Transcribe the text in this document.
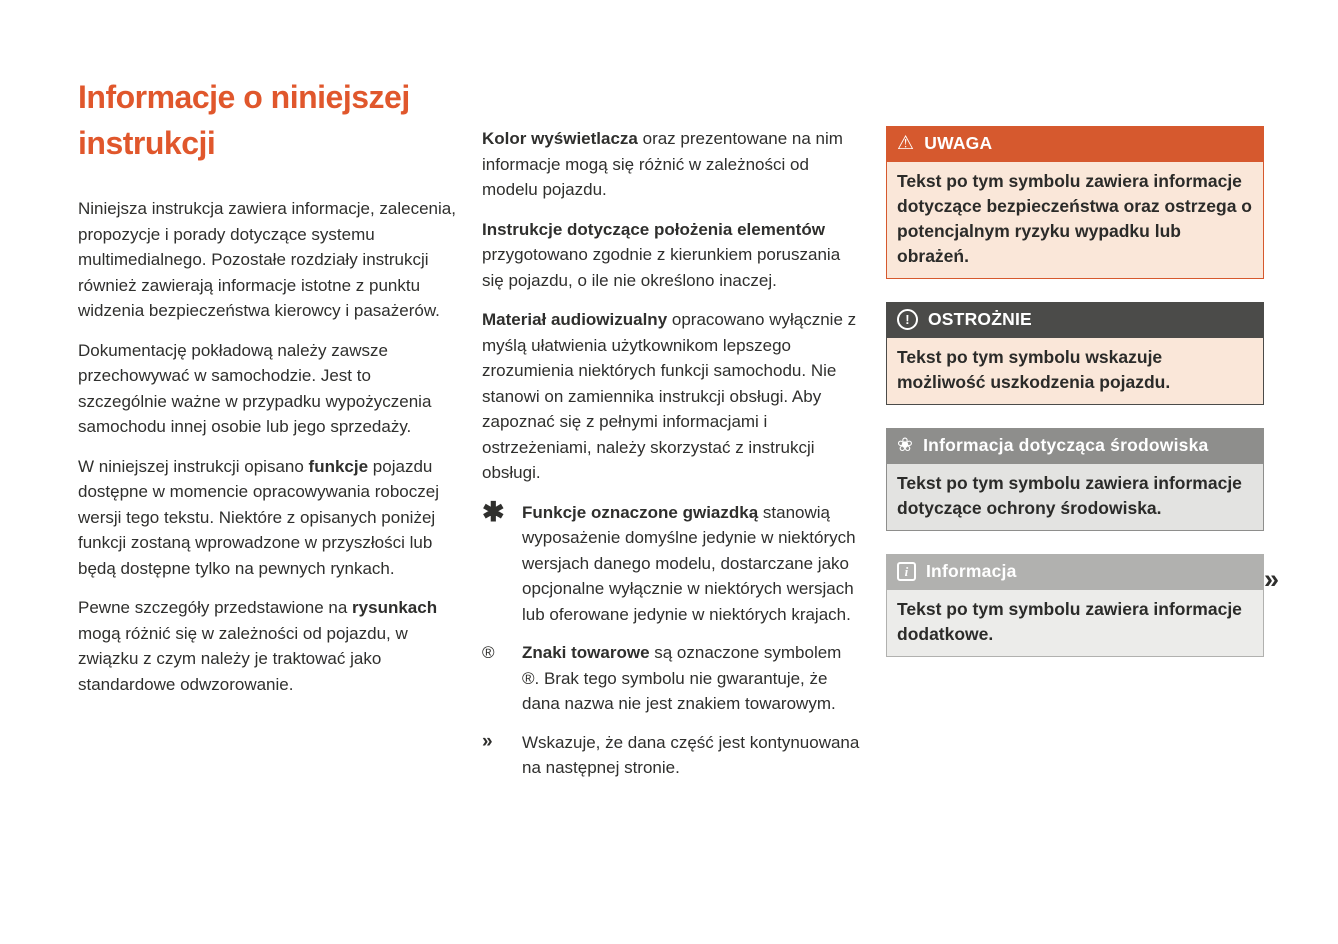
Informacje o niniejszej instrukcji

Niniejsza instrukcja zawiera informacje, zalecenia, propozycje i porady dotyczące systemu multimedialnego. Pozostałe rozdziały instrukcji również zawierają informacje istotne z punktu widzenia bezpieczeństwa kierowcy i pasażerów.

Dokumentację pokładową należy zawsze przechowywać w samochodzie. Jest to szczególnie ważne w przypadku wypożyczenia samochodu innej osobie lub jego sprzedaży.

W niniejszej instrukcji opisano funkcje pojazdu dostępne w momencie opracowywania roboczej wersji tego tekstu. Niektóre z opisanych poniżej funkcji zostaną wprowadzone w przyszłości lub będą dostępne tylko na pewnych rynkach.

Pewne szczegóły przedstawione na rysunkach mogą różnić się w zależności od pojazdu, w związku z czym należy je traktować jako standardowe odwzorowanie.

Kolor wyświetlacza oraz prezentowane na nim informacje mogą się różnić w zależności od modelu pojazdu.

Instrukcje dotyczące położenia elementów przygotowano zgodnie z kierunkiem poruszania się pojazdu, o ile nie określono inaczej.

Materiał audiowizualny opracowano wyłącznie z myślą ułatwienia użytkownikom lepszego zrozumienia niektórych funkcji samochodu. Nie stanowi on zamiennika instrukcji obsługi. Aby zapoznać się z pełnymi informacjami i ostrzeżeniami, należy skorzystać z instrukcji obsługi.

✱	Funkcje oznaczone gwiazdką stanowią wyposażenie domyślne jedynie w niektórych wersjach danego modelu, dostarczane jako opcjonalne wyłącznie w niektórych wersjach lub oferowane jedynie w niektórych krajach.

®	Znaki towarowe są oznaczone symbolem ®. Brak tego symbolu nie gwarantuje, że dana nazwa nie jest znakiem towarowym.

»	Wskazuje, że dana część jest kontynuowana na następnej stronie.

⚠ UWAGA
Tekst po tym symbolu zawiera informacje dotyczące bezpieczeństwa oraz ostrzega o potencjalnym ryzyku wypadku lub obrażeń.
!	OSTROŻNIE
Tekst po tym symbolu wskazuje możliwość uszkodzenia pojazdu.
❀ Informacja dotycząca środowiska
Tekst po tym symbolu zawiera informacje dotyczące ochrony środowiska.
i	Informacja
Tekst po tym symbolu zawiera informacje dodatkowe.
»
